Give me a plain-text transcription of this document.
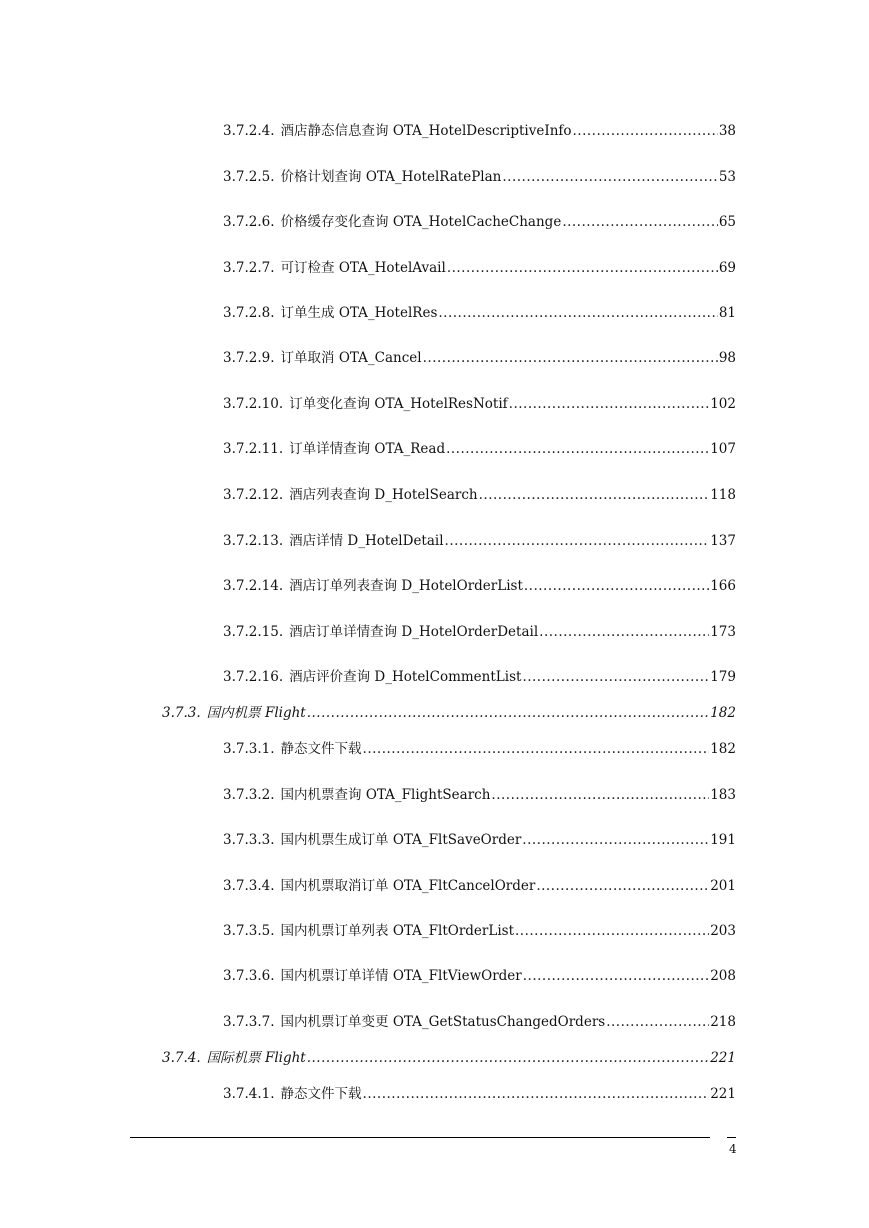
3.7.2.4. 酒店静态信息查询 OTA_HotelDescriptiveInfo .....	38
3.7.2.5. 价格计划查询 OTA_HotelRatePlan .....	53
3.7.2.6. 价格缓存变化查询 OTA_HotelCacheChange .....	65
3.7.2.7. 可订检查 OTA_HotelAvail .....	69
3.7.2.8. 订单生成 OTA_HotelRes .....	81
3.7.2.9. 订单取消 OTA_Cancel .....	98
3.7.2.10. 订单变化查询 OTA_HotelResNotif .....	102
3.7.2.11. 订单详情查询 OTA_Read .....	107
3.7.2.12. 酒店列表查询 D_HotelSearch .....	118
3.7.2.13. 酒店详情 D_HotelDetail .....	137
3.7.2.14. 酒店订单列表查询 D_HotelOrderList .....	166
3.7.2.15. 酒店订单详情查询 D_HotelOrderDetail .....	173
3.7.2.16. 酒店评价查询 D_HotelCommentList .....	179
3.7.3. 国内机票 Flight .....	182
3.7.3.1. 静态文件下载 .....	182
3.7.3.2. 国内机票查询 OTA_FlightSearch .....	183
3.7.3.3. 国内机票生成订单 OTA_FltSaveOrder .....	191
3.7.3.4. 国内机票取消订单 OTA_FltCancelOrder .....	201
3.7.3.5. 国内机票订单列表 OTA_FltOrderList .....	203
3.7.3.6. 国内机票订单详情 OTA_FltViewOrder .....	208
3.7.3.7. 国内机票订单变更 OTA_GetStatusChangedOrders .....	218
3.7.4. 国际机票 Flight .....	221
3.7.4.1. 静态文件下载 .....	221
4
